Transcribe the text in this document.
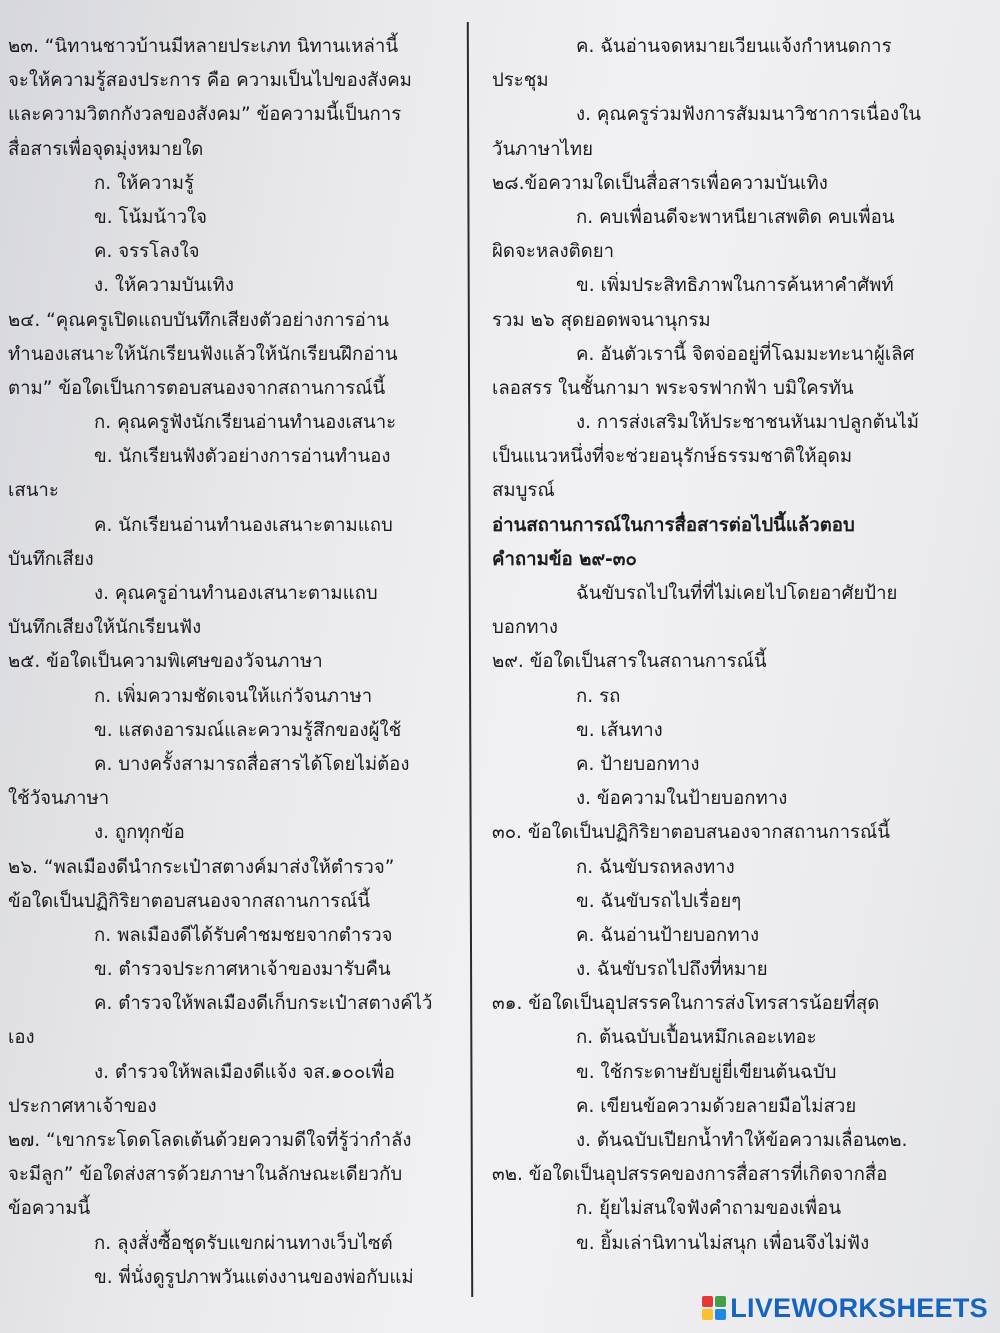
๒๓. “นิทานชาวบ้านมีหลายประเภท นิทานเหล่านี้
จะให้ความรู้สองประการ คือ ความเป็นไปของสังคม
และความวิตกกังวลของสังคม” ข้อความนี้เป็นการ
สื่อสารเพื่อจุดมุ่งหมายใด
ก. ให้ความรู้
ข. โน้มน้าวใจ
ค. จรรโลงใจ
ง. ให้ความบันเทิง
๒๔. “คุณครูเปิดแถบบันทึกเสียงตัวอย่างการอ่าน
ทำนองเสนาะให้นักเรียนฟังแล้วให้นักเรียนฝึกอ่าน
ตาม” ข้อใดเป็นการตอบสนองจากสถานการณ์นี้
ก. คุณครูฟังนักเรียนอ่านทำนองเสนาะ
ข. นักเรียนฟังตัวอย่างการอ่านทำนอง
เสนาะ
ค. นักเรียนอ่านทำนองเสนาะตามแถบ
บันทึกเสียง
ง. คุณครูอ่านทำนองเสนาะตามแถบ
บันทึกเสียงให้นักเรียนฟัง
๒๕. ข้อใดเป็นความพิเศษของวัจนภาษา
ก. เพิ่มความชัดเจนให้แก่วัจนภาษา
ข. แสดงอารมณ์และความรู้สึกของผู้ใช้
ค. บางครั้งสามารถสื่อสารได้โดยไม่ต้อง
ใช้วัจนภาษา
ง. ถูกทุกข้อ
๒๖. “พลเมืองดีนำกระเป๋าสตางค์มาส่งให้ตำรวจ”
ข้อใดเป็นปฏิกิริยาตอบสนองจากสถานการณ์นี้
ก. พลเมืองดีได้รับคำชมชยจากตำรวจ
ข. ตำรวจประกาศหาเจ้าของมารับคืน
ค. ตำรวจให้พลเมืองดีเก็บกระเป๋าสตางค์ไว้
เอง
ง. ตำรวจให้พลเมืองดีแจ้ง จส.๑๐๐เพื่อ
ประกาศหาเจ้าของ
๒๗. “เขากระโดดโลดเต้นด้วยความดีใจที่รู้ว่ากำลัง
จะมีลูก” ข้อใดส่งสารด้วยภาษาในลักษณะเดียวกับ
ข้อความนี้
ก. ลุงสั่งซื้อชุดรับแขกผ่านทางเว็บไซต์
ข. พี่นั่งดูรูปภาพวันแต่งงานของพ่อกับแม่
ค. ฉันอ่านจดหมายเวียนแจ้งกำหนดการ
ประชุม
ง. คุณครูร่วมฟังการสัมมนาวิชาการเนื่องใน
วันภาษาไทย
๒๘.ข้อความใดเป็นสื่อสารเพื่อความบันเทิง
ก. คบเพื่อนดีจะพาหนียาเสพติด คบเพื่อน
ผิดจะหลงติดยา
ข. เพิ่มประสิทธิภาพในการค้นหาคำศัพท์
รวม ๒๖ สุดยอดพจนานุกรม
ค. อันตัวเรานี้ จิตจ่ออยู่ที่โฉมมะทะนาผู้เลิศ
เลอสรร ในชั้นกามา พระจรฟากฟ้า บมิใครทัน
ง. การส่งเสริมให้ประชาชนหันมาปลูกต้นไม้
เป็นแนวหนึ่งที่จะช่วยอนุรักษ์ธรรมชาติให้อุดม
สมบูรณ์
อ่านสถานการณ์ในการสื่อสารต่อไปนี้แล้วตอบ
คำถามข้อ ๒๙-๓๐
ฉันขับรถไปในที่ที่ไม่เคยไปโดยอาศัยป้าย
บอกทาง
๒๙. ข้อใดเป็นสารในสถานการณ์นี้
ก. รถ
ข. เส้นทาง
ค. ป้ายบอกทาง
ง. ข้อความในป้ายบอกทาง
๓๐. ข้อใดเป็นปฏิกิริยาตอบสนองจากสถานการณ์นี้
ก. ฉันขับรถหลงทาง
ข. ฉันขับรถไปเรื่อยๆ
ค. ฉันอ่านป้ายบอกทาง
ง. ฉันขับรถไปถึงที่หมาย
๓๑. ข้อใดเป็นอุปสรรคในการส่งโทรสารน้อยที่สุด
ก. ต้นฉบับเปื้อนหมึกเลอะเทอะ
ข. ใช้กระดาษยับยู่ยี่เขียนต้นฉบับ
ค. เขียนข้อความด้วยลายมือไม่สวย
ง. ต้นฉบับเปียกน้ำทำให้ข้อความเลื่อน๓๒.
๓๒. ข้อใดเป็นอุปสรรคของการสื่อสารที่เกิดจากสื่อ
ก. ยุ้ยไม่สนใจฟังคำถามของเพื่อน
ข. ยิ้มเล่านิทานไม่สนุก เพื่อนจึงไม่ฟัง
LIVEWORKSHEETS
